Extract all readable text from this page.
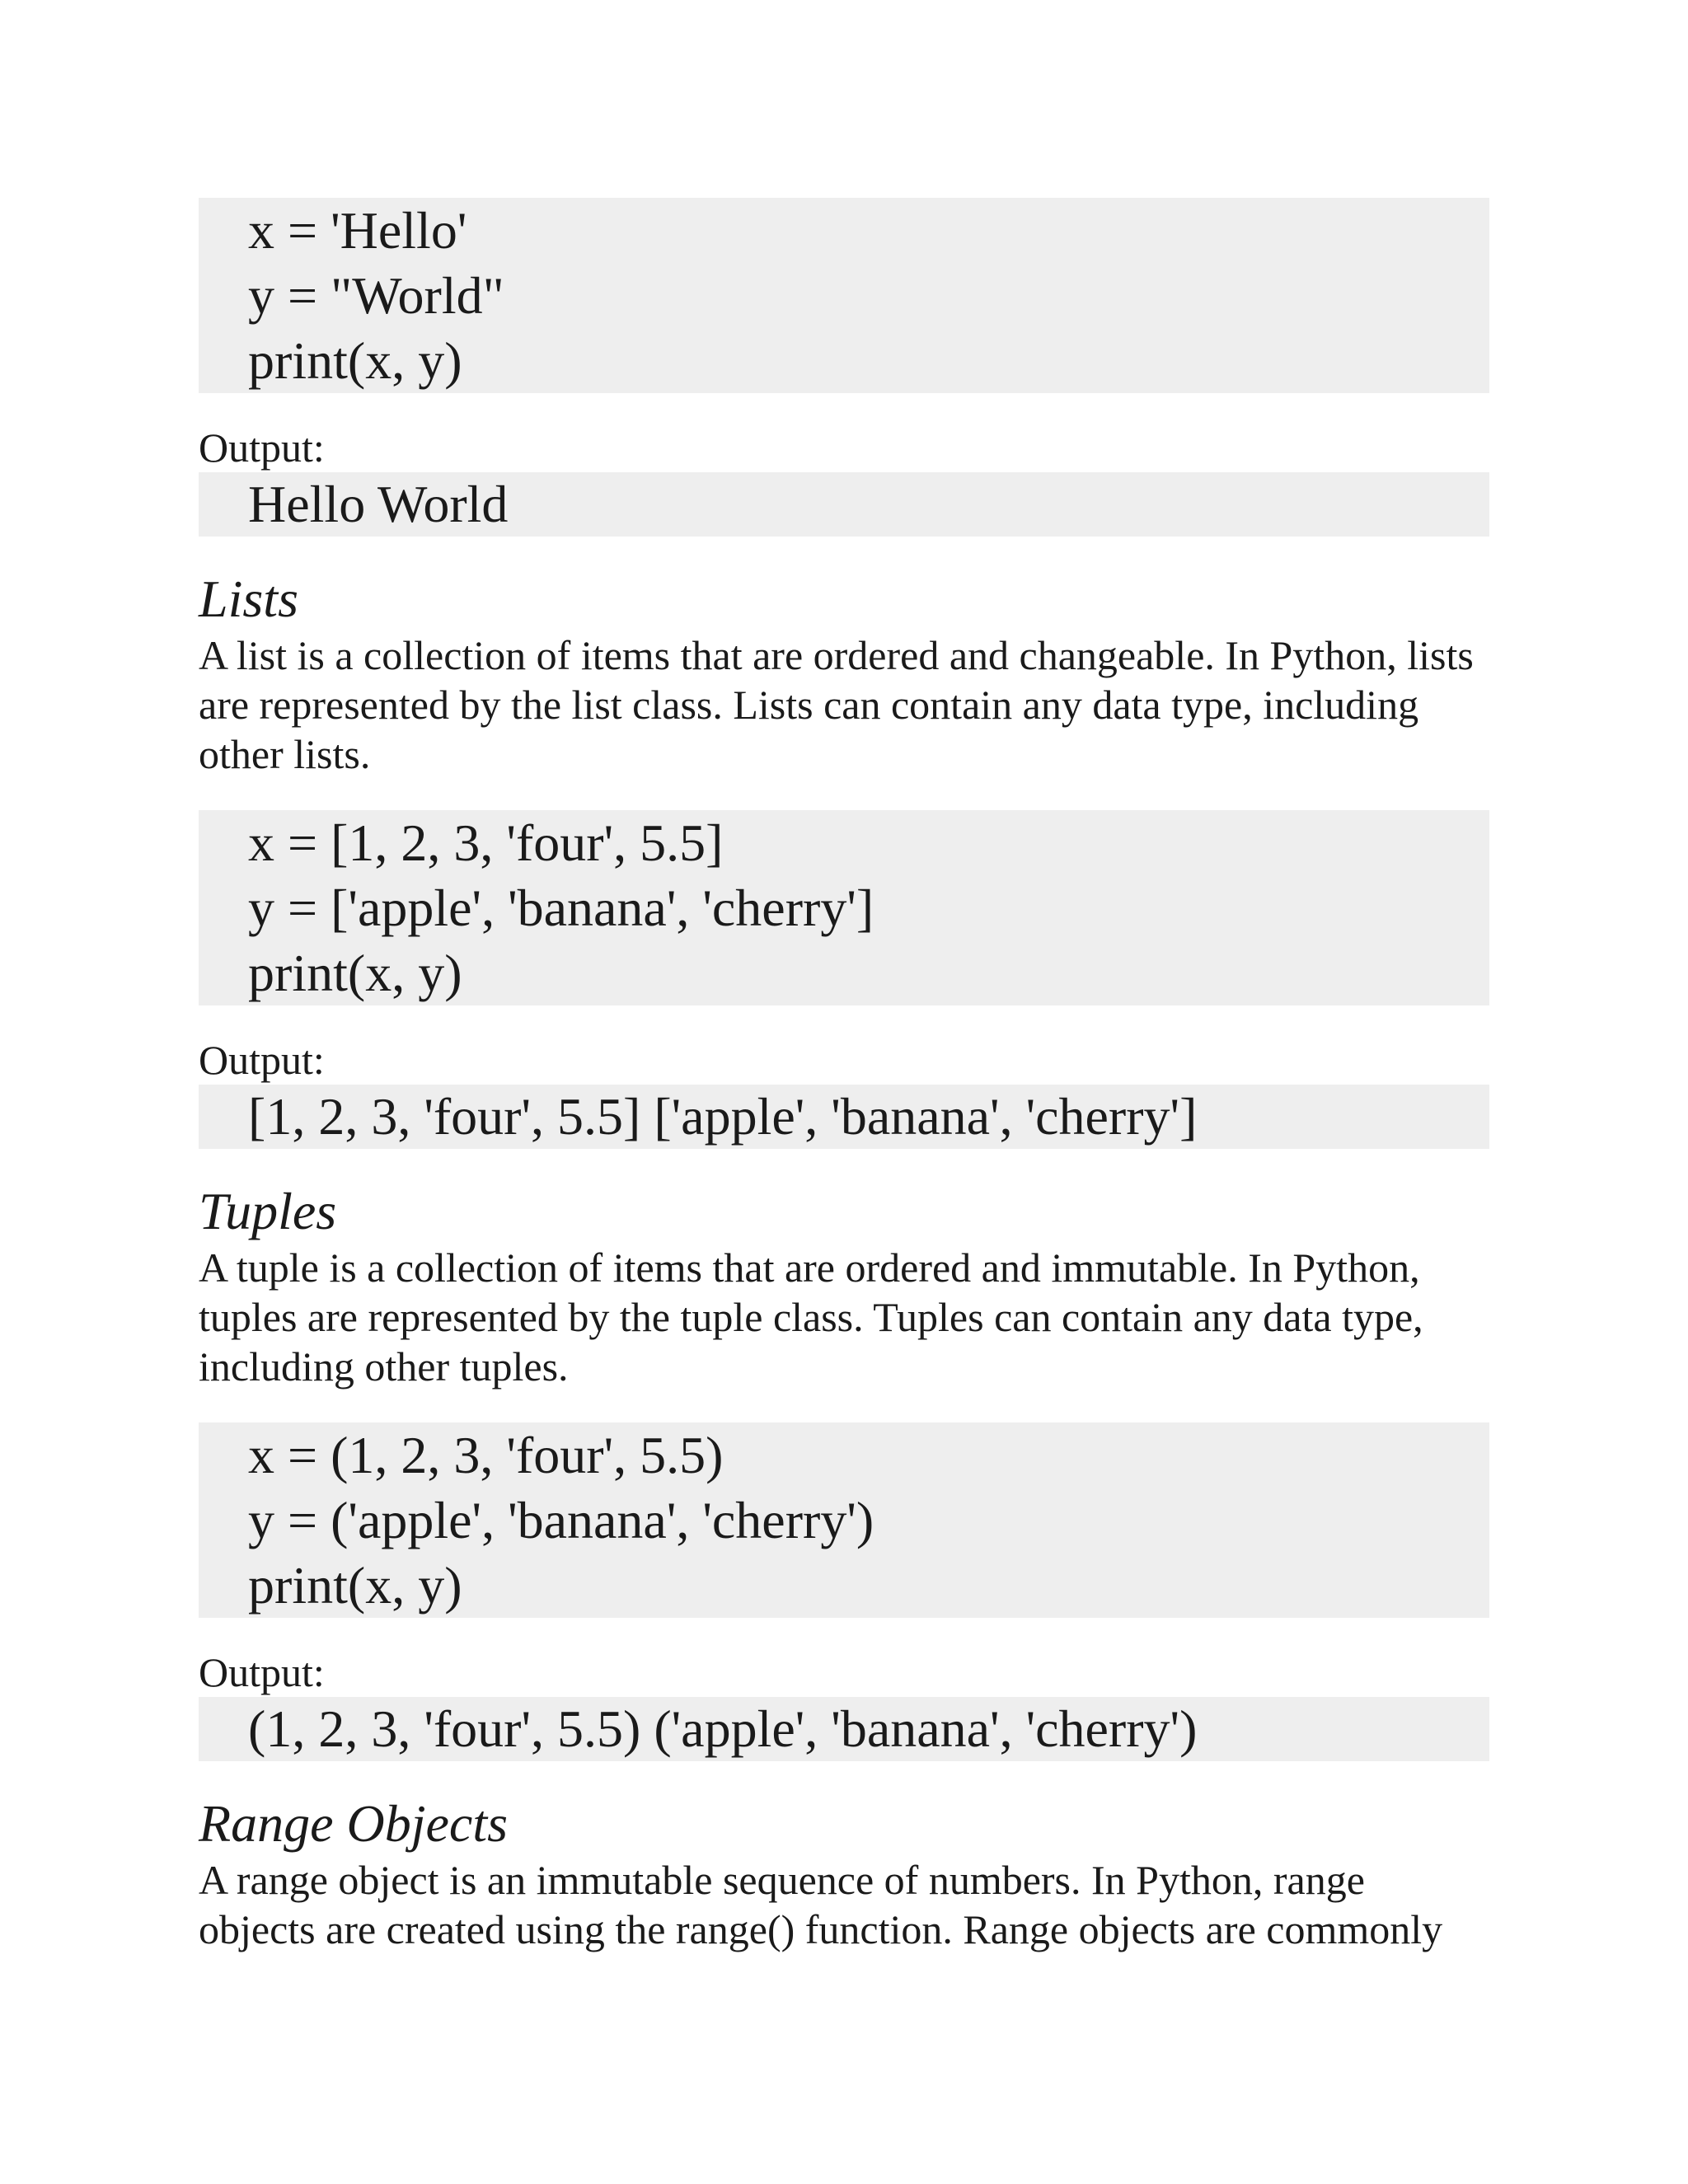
x = 'Hello'
y = "World"
print(x, y)
Output:
Hello World
Lists

A list is a collection of items that are ordered and changeable. In Python, lists are represented by the list class. Lists can contain any data type, including other lists.

x = [1, 2, 3, 'four', 5.5]
y = ['apple', 'banana', 'cherry']
print(x, y)
Output:
[1, 2, 3, 'four', 5.5] ['apple', 'banana', 'cherry']
Tuples

A tuple is a collection of items that are ordered and immutable. In Python, tuples are represented by the tuple class. Tuples can contain any data type, including other tuples.

x = (1, 2, 3, 'four', 5.5)
y = ('apple', 'banana', 'cherry')
print(x, y)
Output:
(1, 2, 3, 'four', 5.5) ('apple', 'banana', 'cherry')
Range Objects

A range object is an immutable sequence of numbers. In Python, range objects are created using the range() function. Range objects are commonly
